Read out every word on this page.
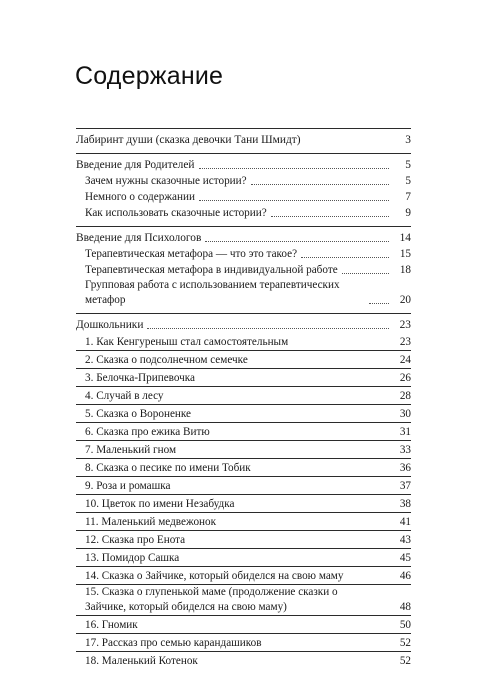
Содержание
Лабиринт души (сказка девочки Тани Шмидт)	3
Введение для Родителей	5
Зачем нужны сказочные истории?	5
Немного о содержании	7
Как использовать сказочные истории?	9
Введение для Психологов	14
Терапевтическая метафора — что это такое?	15
Терапевтическая метафора в индивидуальной работе	18
Групповая работа с использованием терапевтических метафор	20
Дошкольники	23
1. Как Кенгуреныш стал самостоятельным	23
2. Сказка о подсолнечном семечке	24
3. Белочка-Припевочка	26
4. Случай в лесу	28
5. Сказка о Вороненке	30
6. Сказка про ежика Витю	31
7. Маленький гном	33
8. Сказка о песике по имени Тобик	36
9. Роза и ромашка	37
10. Цветок по имени Незабудка	38
11. Маленький медвежонок	41
12. Сказка про Енота	43
13. Помидор Сашка	45
14. Сказка о Зайчике, который обиделся на свою маму	46
15. Сказка о глупенькой маме (продолжение сказки о Зайчике, который обиделся на свою маму)	48
16. Гномик	50
17. Рассказ про семью карандашиков	52
18. Маленький Котенок	52
